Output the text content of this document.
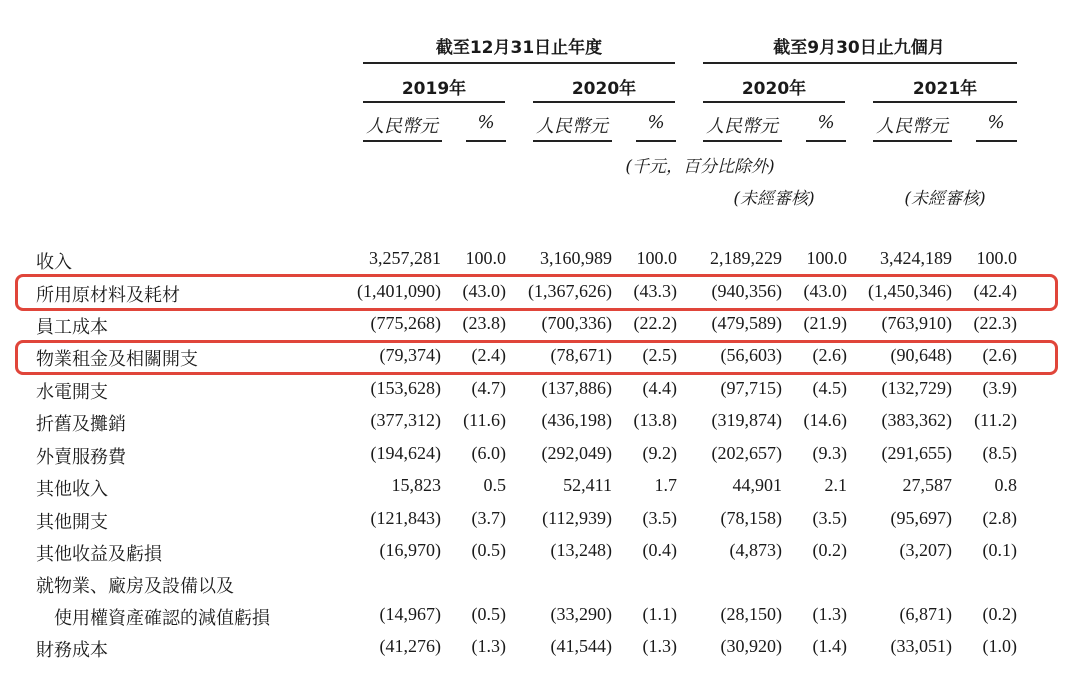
截至12月31日止年度	截至9月30日止九個月
2019年	2020年	2020年	2021年
人民幣元	%	人民幣元	%	人民幣元	%	人民幣元	%
(千元，百分比除外)
(未經審核)	(未經審核)
收入	3,257,281	100.0	3,160,989	100.0	2,189,229	100.0	3,424,189	100.0
所用原材料及耗材	(1,401,090)	(43.0)	(1,367,626)	(43.3)	(940,356)	(43.0)	(1,450,346)	(42.4)
員工成本	(775,268)	(23.8)	(700,336)	(22.2)	(479,589)	(21.9)	(763,910)	(22.3)
物業租金及相關開支	(79,374)	(2.4)	(78,671)	(2.5)	(56,603)	(2.6)	(90,648)	(2.6)
水電開支	(153,628)	(4.7)	(137,886)	(4.4)	(97,715)	(4.5)	(132,729)	(3.9)
折舊及攤銷	(377,312)	(11.6)	(436,198)	(13.8)	(319,874)	(14.6)	(383,362)	(11.2)
外賣服務費	(194,624)	(6.0)	(292,049)	(9.2)	(202,657)	(9.3)	(291,655)	(8.5)
其他收入	15,823	0.5	52,411	1.7	44,901	2.1	27,587	0.8
其他開支	(121,843)	(3.7)	(112,939)	(3.5)	(78,158)	(3.5)	(95,697)	(2.8)
其他收益及虧損	(16,970)	(0.5)	(13,248)	(0.4)	(4,873)	(0.2)	(3,207)	(0.1)
就物業、廠房及設備以及
使用權資產確認的減值虧損	(14,967)	(0.5)	(33,290)	(1.1)	(28,150)	(1.3)	(6,871)	(0.2)
財務成本	(41,276)	(1.3)	(41,544)	(1.3)	(30,920)	(1.4)	(33,051)	(1.0)
